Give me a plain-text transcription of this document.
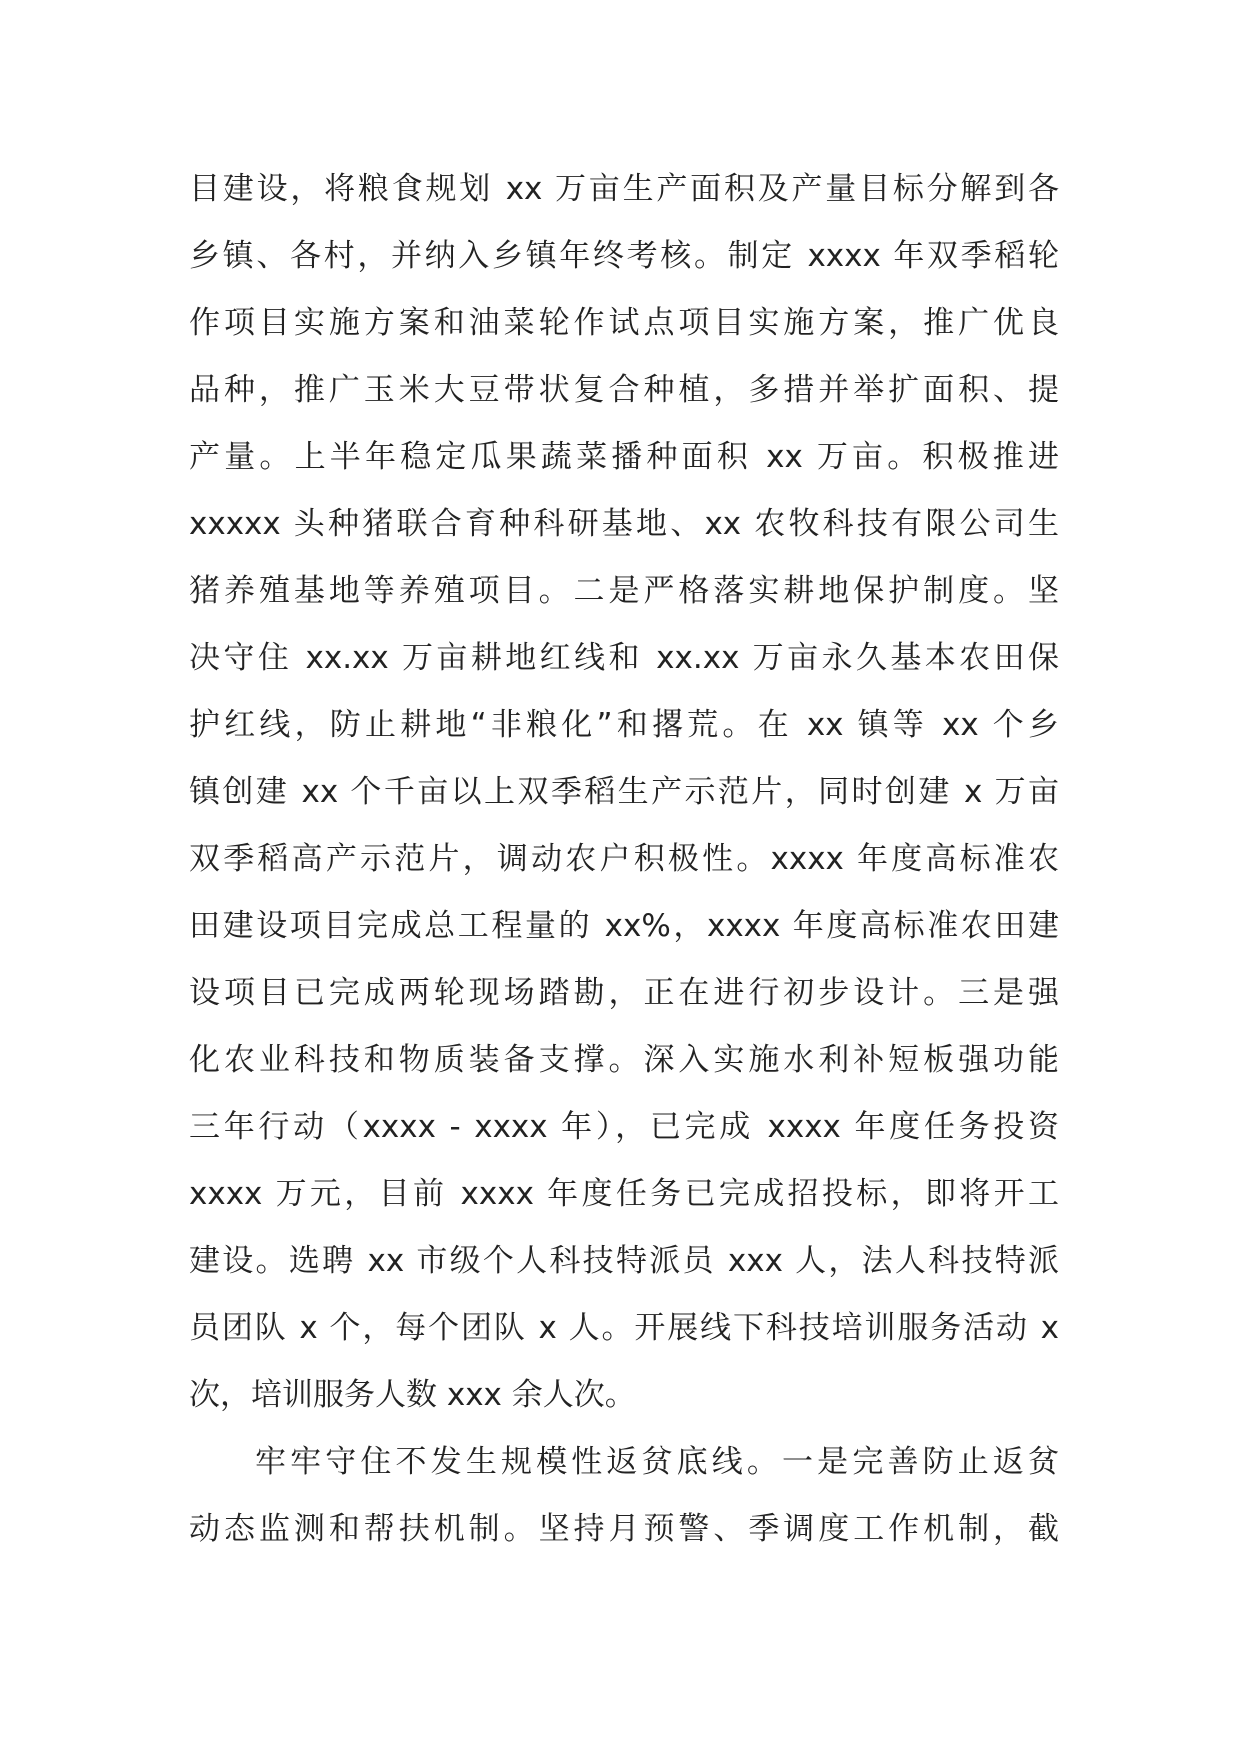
目建设，将粮食规划 xx 万亩生产面积及产量目标分解到各
乡镇、各村，并纳入乡镇年终考核。制定 xxxx 年双季稻轮
作项目实施方案和油菜轮作试点项目实施方案，推广优良
品种，推广玉米大豆带状复合种植，多措并举扩面积、提
产量。上半年稳定瓜果蔬菜播种面积 xx 万亩。积极推进
xxxxx 头种猪联合育种科研基地、xx 农牧科技有限公司生
猪养殖基地等养殖项目。二是严格落实耕地保护制度。坚
决守住 xx.xx 万亩耕地红线和 xx.xx 万亩永久基本农田保
护红线，防止耕地“非粮化”和撂荒。在 xx 镇等 xx 个乡
镇创建 xx 个千亩以上双季稻生产示范片，同时创建 x 万亩
双季稻高产示范片，调动农户积极性。xxxx 年度高标准农
田建设项目完成总工程量的 xx%，xxxx 年度高标准农田建
设项目已完成两轮现场踏勘，正在进行初步设计。三是强
化农业科技和物质装备支撑。深入实施水利补短板强功能
三年行动（xxxx - xxxx 年），已完成 xxxx 年度任务投资
xxxx 万元，目前 xxxx 年度任务已完成招投标，即将开工
建设。选聘 xx 市级个人科技特派员 xxx 人，法人科技特派
员团队 x 个，每个团队 x 人。开展线下科技培训服务活动 x
次，培训服务人数 xxx 余人次。
牢牢守住不发生规模性返贫底线。一是完善防止返贫
动态监测和帮扶机制。坚持月预警、季调度工作机制，截
